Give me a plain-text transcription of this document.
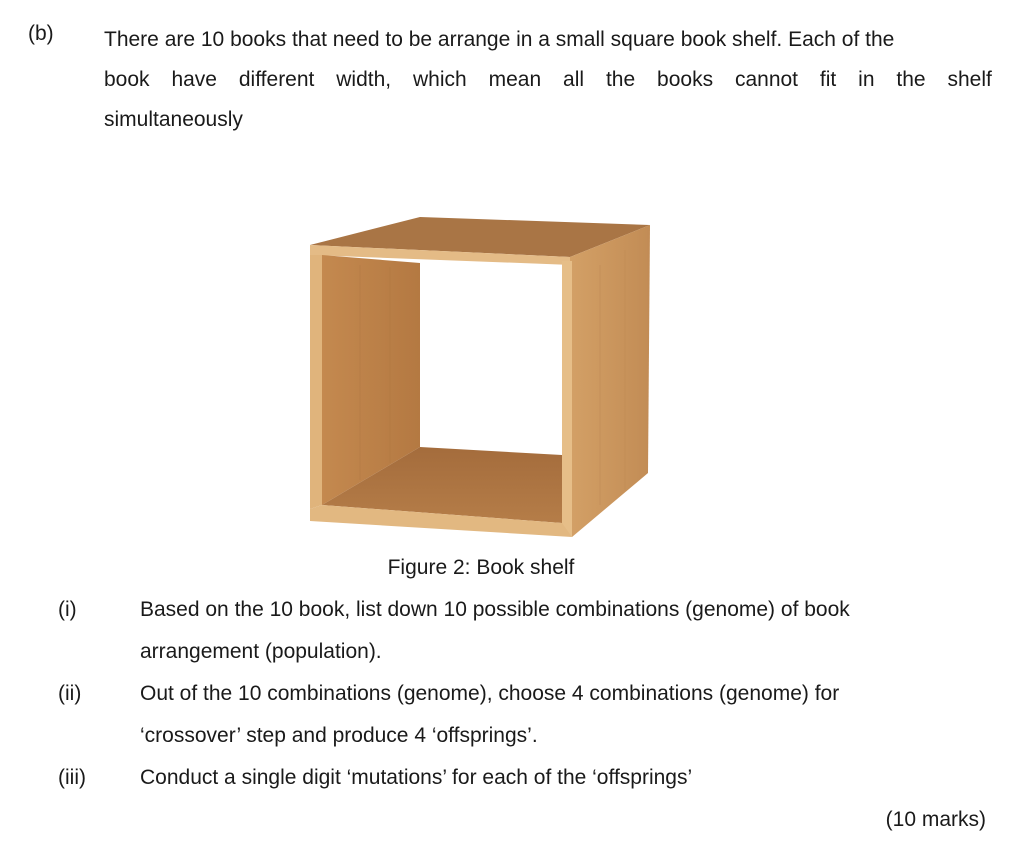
(b) There are 10 books that need to be arrange in a small square book shelf. Each of the
book have different width, which mean all the books cannot fit in the shelf
simultaneously
Figure 2: Book shelf
(i)	Based on the 10 book, list down 10 possible combinations (genome) of book
arrangement (population).
(ii)	Out of the 10 combinations (genome), choose 4 combinations (genome) for
‘crossover’ step and produce 4 ‘offsprings’.
(iii)	Conduct a single digit ‘mutations’ for each of the ‘offsprings’
(10 marks)
